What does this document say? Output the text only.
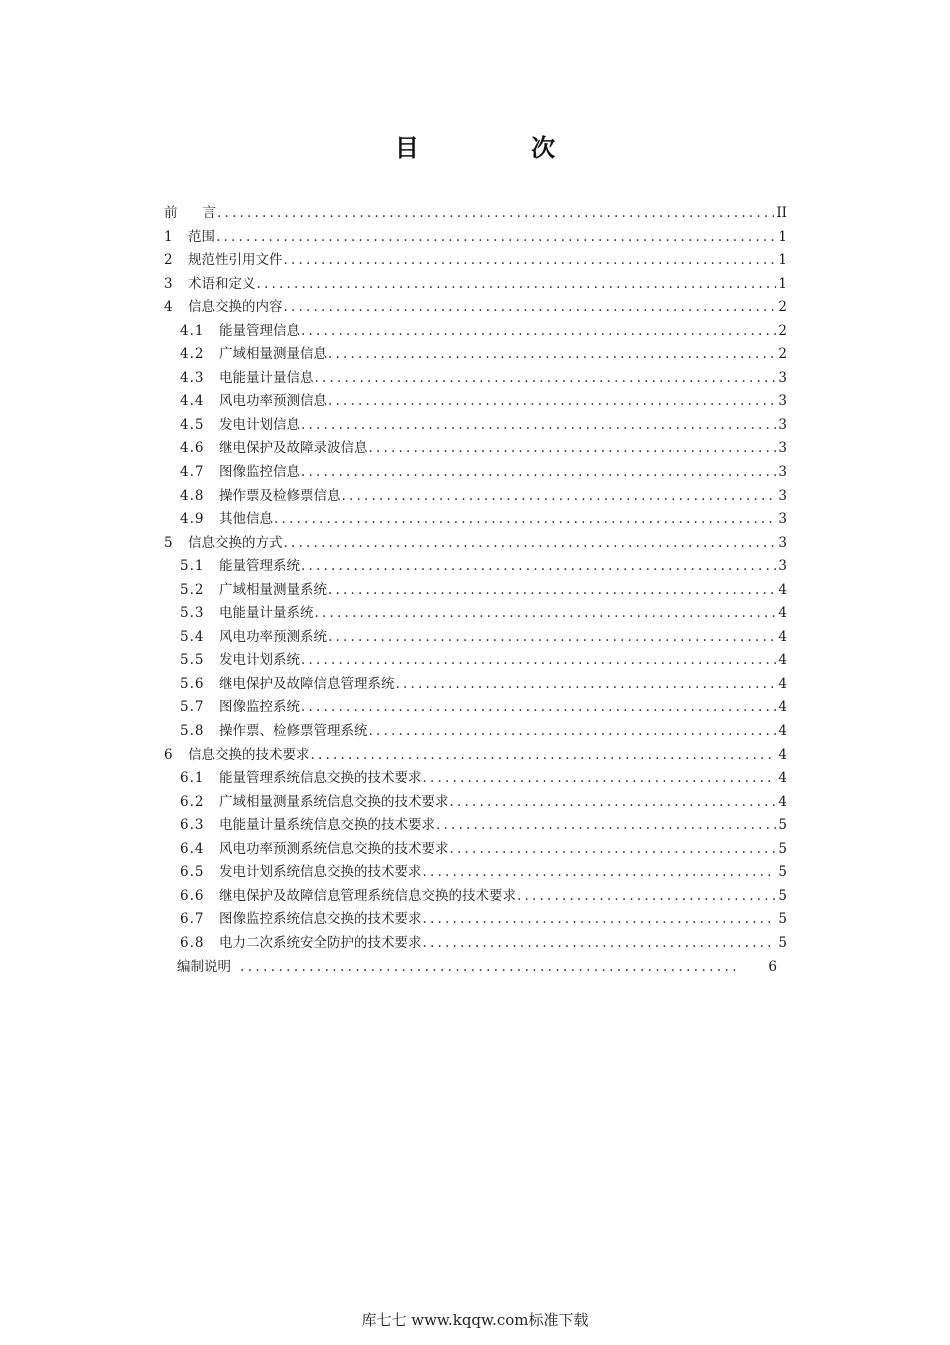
目 次
前言 .....	II
1	范围 .....	1
2	规范性引用文件 .....	1
3	术语和定义 .....	1
4	信息交换的内容 .....	2
4.1	能量管理信息 .....	2
4.2	广域相量测量信息 .....	2
4.3	电能量计量信息 .....	3
4.4	风电功率预测信息 .....	3
4.5	发电计划信息 .....	3
4.6	继电保护及故障录波信息 .....	3
4.7	图像监控信息 .....	3
4.8	操作票及检修票信息 .....	3
4.9	其他信息 .....	3
5	信息交换的方式 .....	3
5.1	能量管理系统 .....	3
5.2	广域相量测量系统 .....	4
5.3	电能量计量系统 .....	4
5.4	风电功率预测系统 .....	4
5.5	发电计划系统 .....	4
5.6	继电保护及故障信息管理系统 .....	4
5.7	图像监控系统 .....	4
5.8	操作票、检修票管理系统 .....	4
6	信息交换的技术要求 .....	4
6.1	能量管理系统信息交换的技术要求 .....	4
6.2	广域相量测量系统信息交换的技术要求 .....	4
6.3	电能量计量系统信息交换的技术要求 .....	5
6.4	风电功率预测系统信息交换的技术要求 .....	5
6.5	发电计划系统信息交换的技术要求 .....	5
6.6	继电保护及故障信息管理系统信息交换的技术要求 .....	5
6.7	图像监控系统信息交换的技术要求 .....	5
6.8	电力二次系统安全防护的技术要求 .....	5
编制说明 .....	6
库七七 www.kqqw.com标准下载
